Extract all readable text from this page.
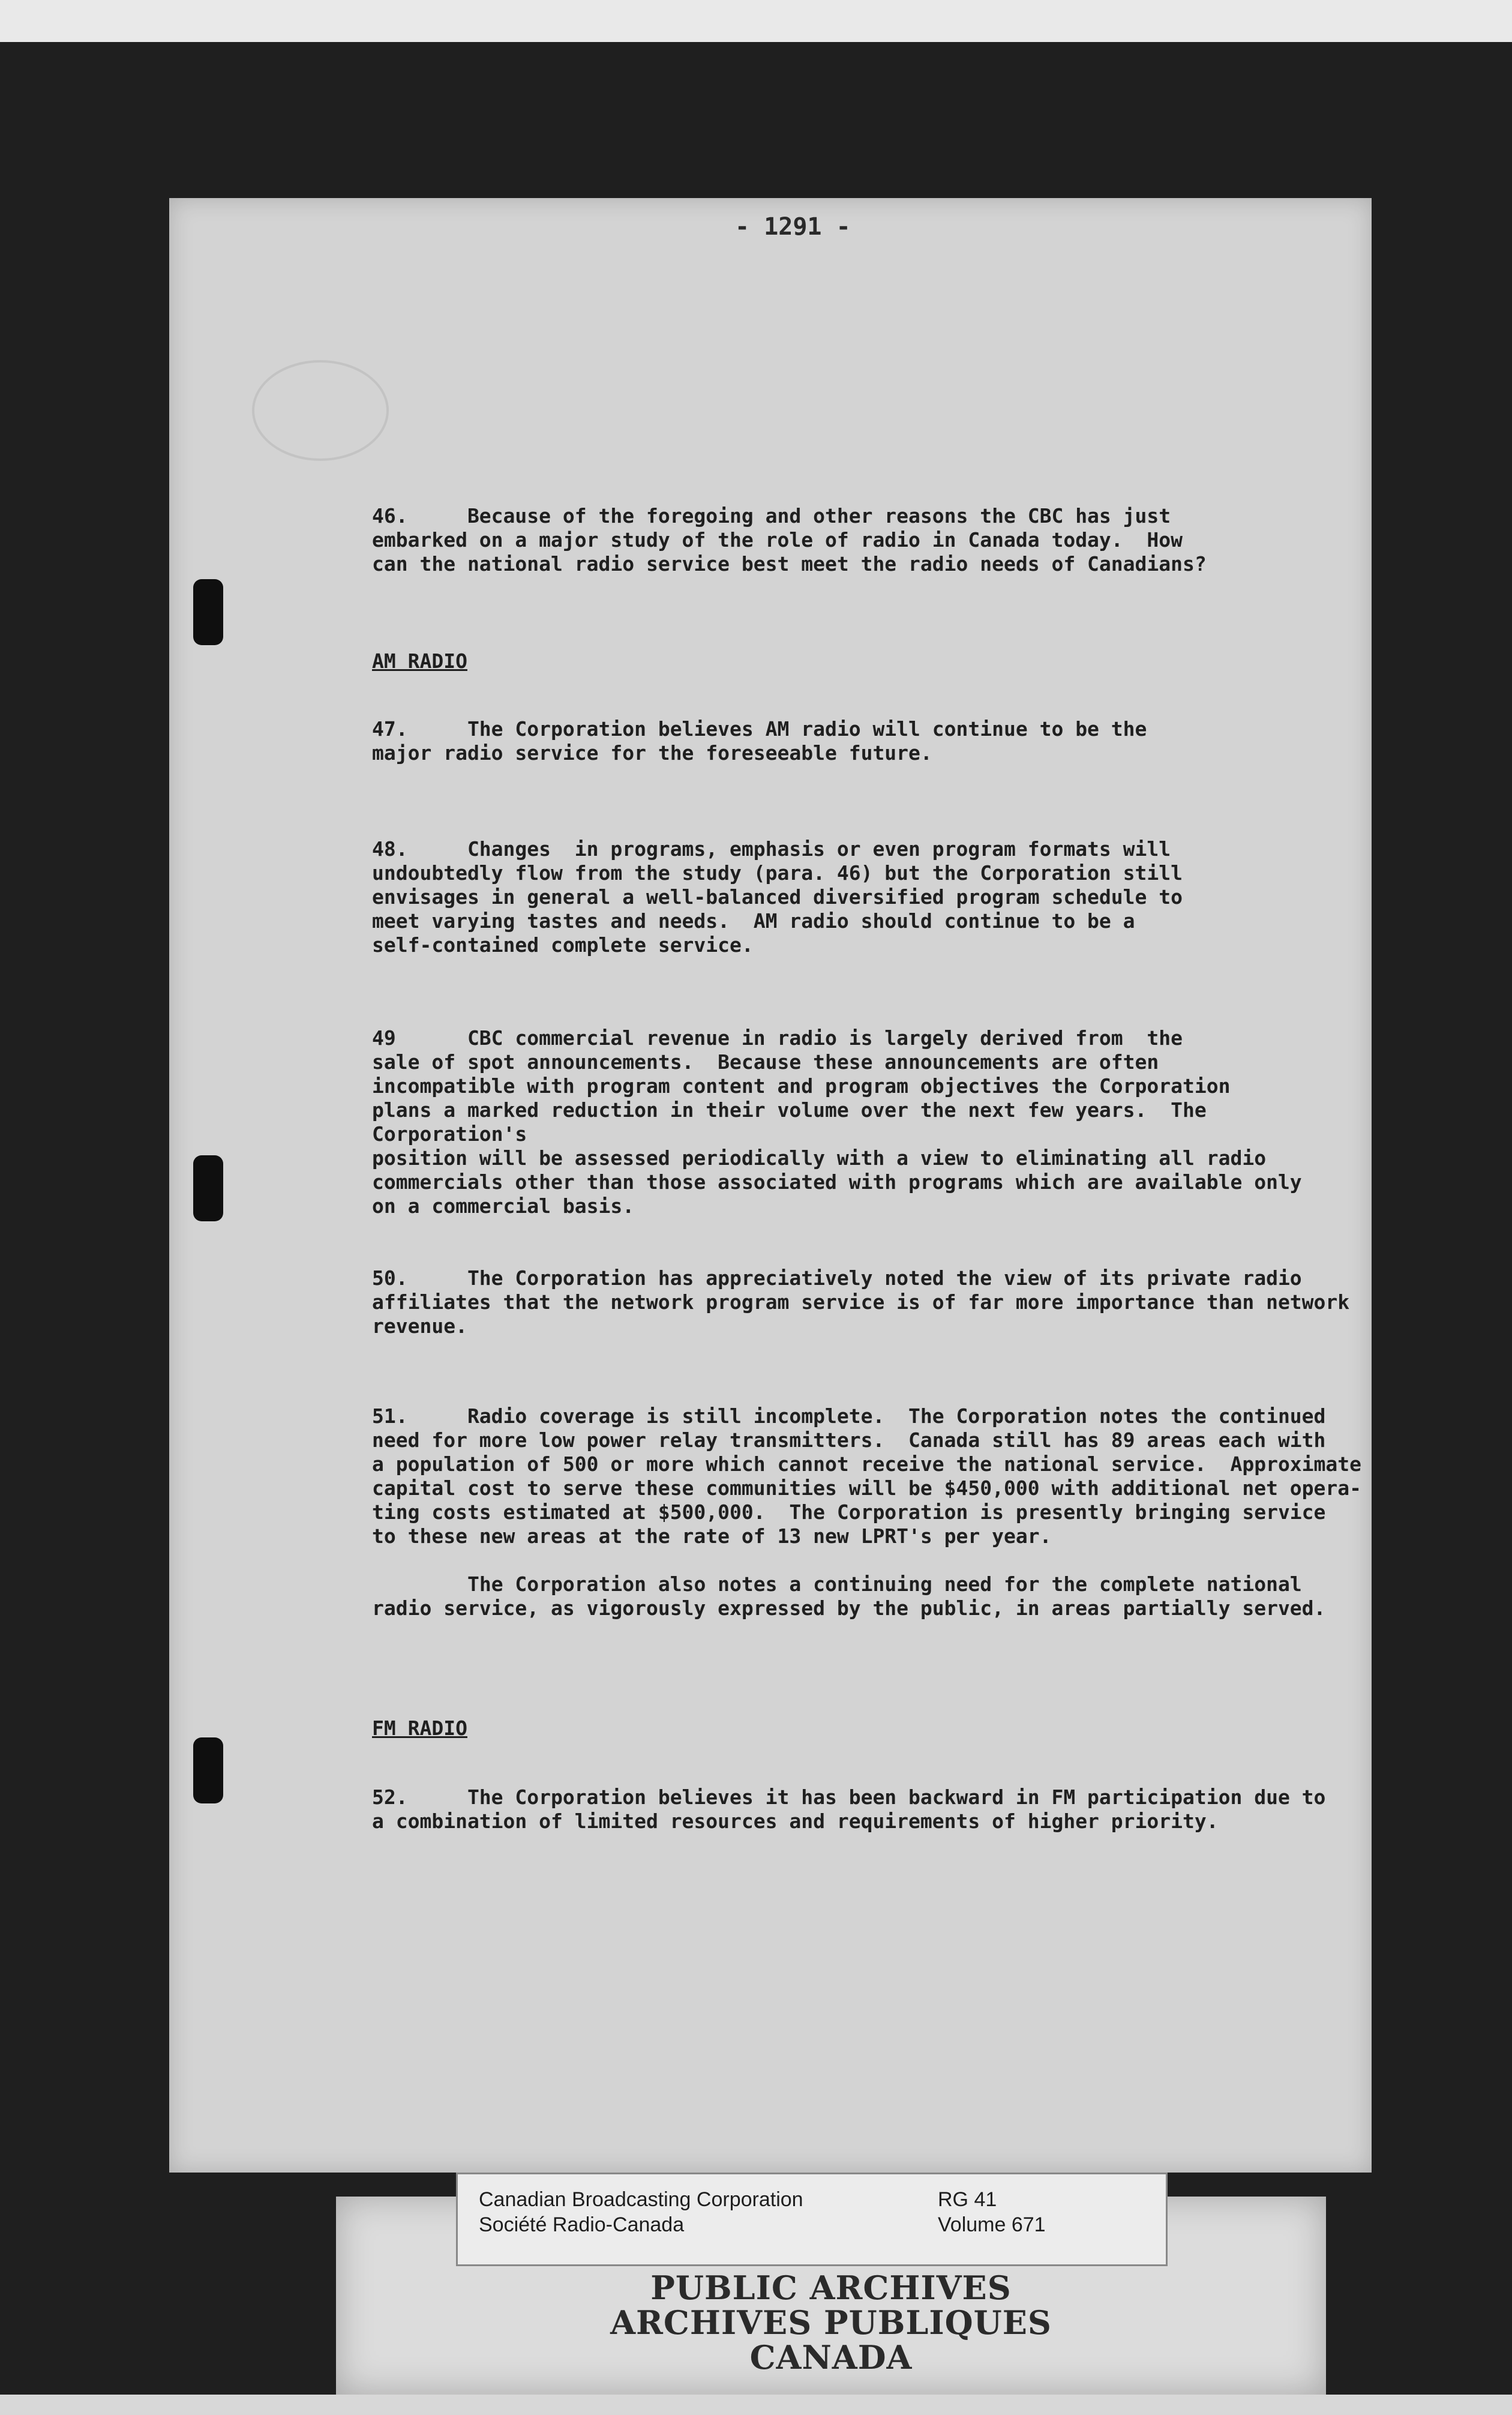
- 1291 -

46.     Because of the foregoing and other reasons the CBC has just
embarked on a major study of the role of radio in Canada today.  How
can the national radio service best meet the radio needs of Canadians?

AM RADIO

47.     The Corporation believes AM radio will continue to be the
major radio service for the foreseeable future.

48.     Changes  in programs, emphasis or even program formats will
undoubtedly flow from the study (para. 46) but the Corporation still
envisages in general a well-balanced diversified program schedule to
meet varying tastes and needs.  AM radio should continue to be a
self-contained complete service.

49      CBC commercial revenue in radio is largely derived from  the
sale of spot announcements.  Because these announcements are often
incompatible with program content and program objectives the Corporation
plans a marked reduction in their volume over the next few years.  The Corporation's
position will be assessed periodically with a view to eliminating all radio
commercials other than those associated with programs which are available only
on a commercial basis.

50.     The Corporation has appreciatively noted the view of its private radio
affiliates that the network program service is of far more importance than network
revenue.

51.     Radio coverage is still incomplete.  The Corporation notes the continued
need for more low power relay transmitters.  Canada still has 89 areas each with
a population of 500 or more which cannot receive the national service.  Approximate
capital cost to serve these communities will be $450,000 with additional net opera-
ting costs estimated at $500,000.  The Corporation is presently bringing service
to these new areas at the rate of 13 new LPRT's per year.

The Corporation also notes a continuing need for the complete national
radio service, as vigorously expressed by the public, in areas partially served.

FM RADIO

52.     The Corporation believes it has been backward in FM participation due to
a combination of limited resources and requirements of higher priority.

PUBLIC ARCHIVES
ARCHIVES PUBLIQUES
CANADA
Canadian Broadcasting Corporation
Société Radio-Canada
RG 41
Volume 671
